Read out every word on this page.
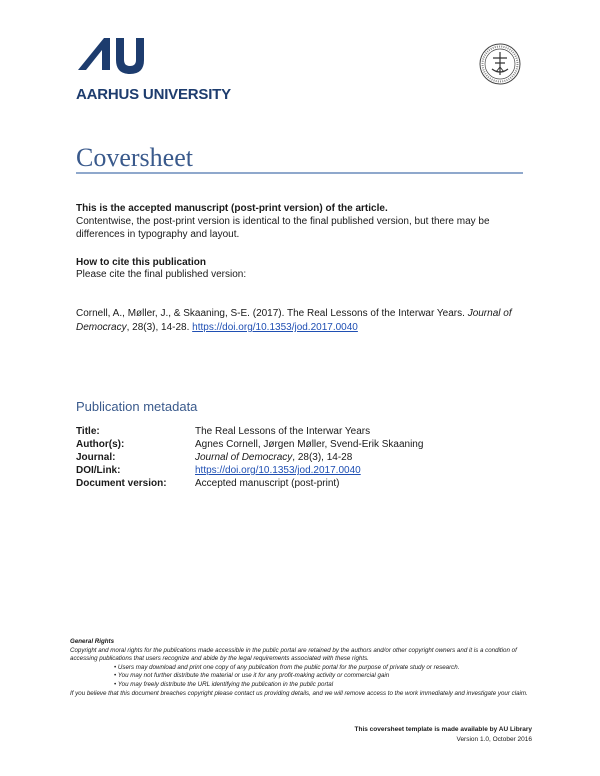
AARHUS UNIVERSITY
Coversheet
This is the accepted manuscript (post-print version) of the article.
Contentwise, the post-print version is identical to the final published version, but there may be differences in typography and layout.
How to cite this publication
Please cite the final published version:
Cornell, A., Møller, J., & Skaaning, S-E. (2017). The Real Lessons of the Interwar Years. Journal of Democracy, 28(3), 14-28. https://doi.org/10.1353/jod.2017.0040
Publication metadata
Title:	The Real Lessons of the Interwar Years
Author(s):	Agnes Cornell, Jørgen Møller, Svend-Erik Skaaning
Journal:	Journal of Democracy, 28(3), 14-28
DOI/Link:	https://doi.org/10.1353/jod.2017.0040
Document version:	Accepted manuscript (post-print)
General Rights
Copyright and moral rights for the publications made accessible in the public portal are retained by the authors and/or other copyright owners and it is a condition of accessing publications that users recognize and abide by the legal requirements associated with these rights.
• Users may download and print one copy of any publication from the public portal for the purpose of private study or research.
• You may not further distribute the material or use it for any profit-making activity or commercial gain
• You may freely distribute the URL identifying the publication in the public portal
If you believe that this document breaches copyright please contact us providing details, and we will remove access to the work immediately and investigate your claim.
This coversheet template is made available by AU Library
Version 1.0, October 2016
